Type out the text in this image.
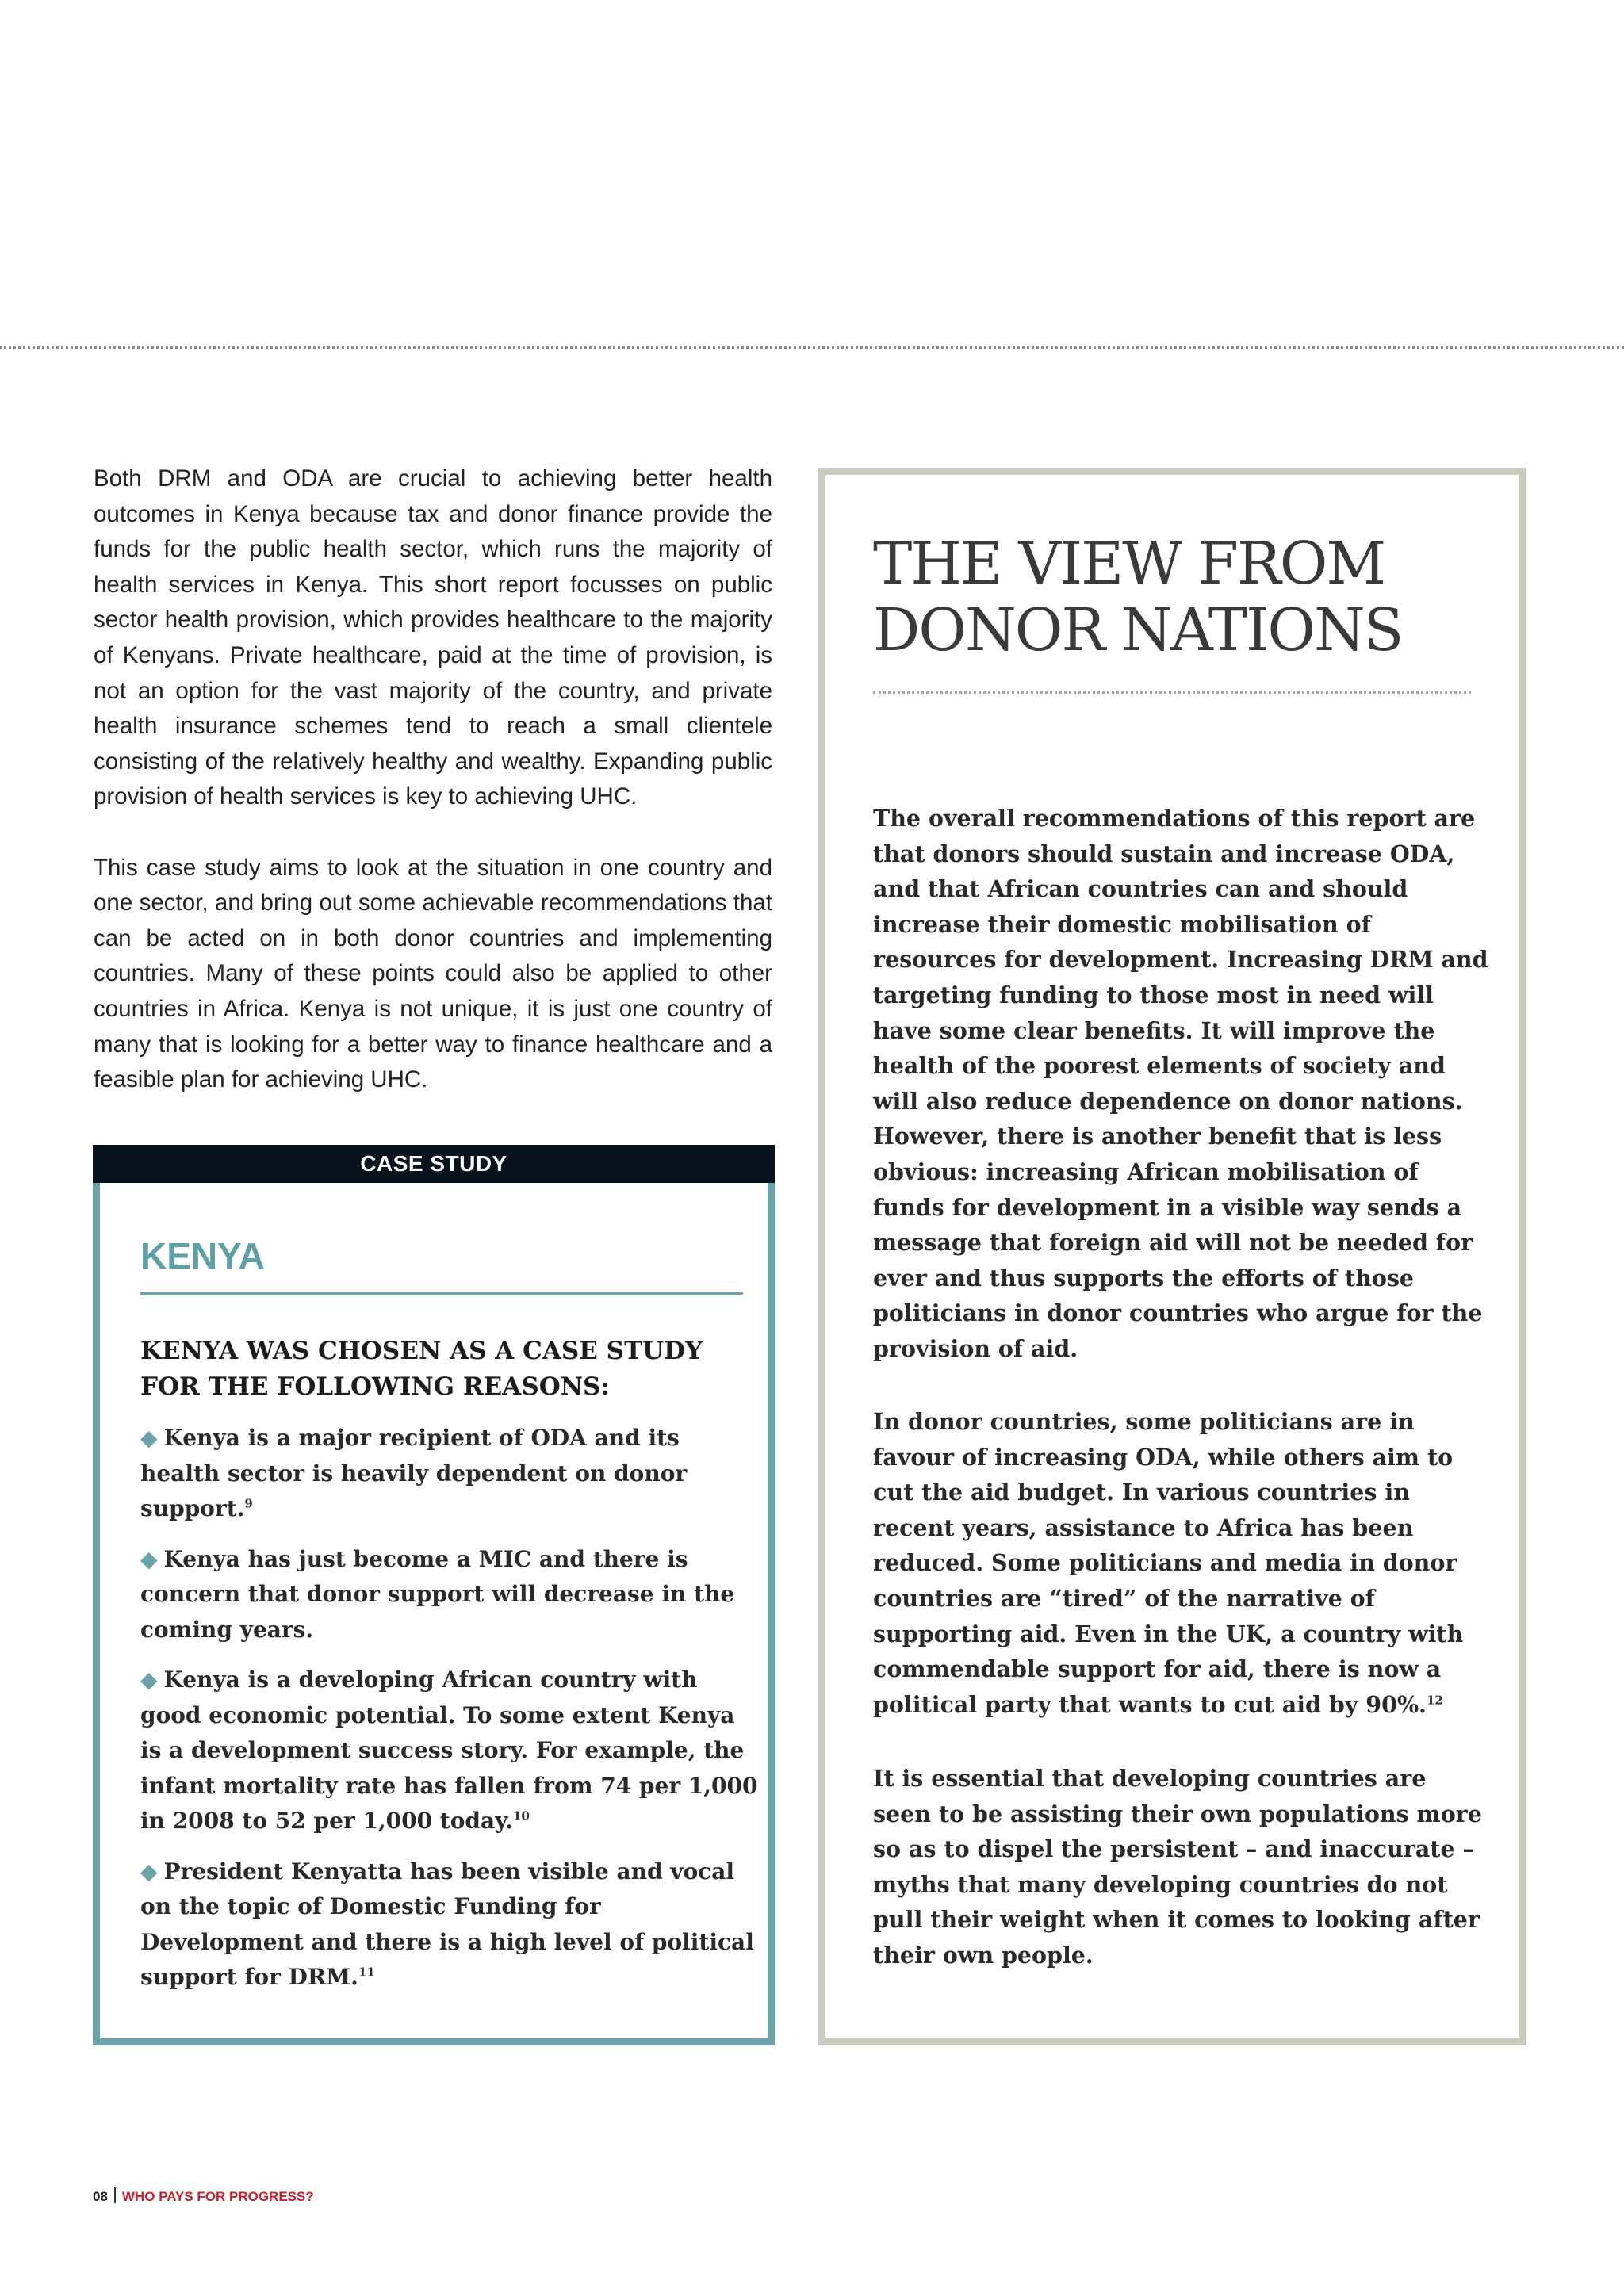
Both DRM and ODA are crucial to achieving better health outcomes in Kenya because tax and donor finance provide the funds for the public health sector, which runs the majority of health services in Kenya. This short report focusses on public sector health provision, which provides healthcare to the majority of Kenyans. Private healthcare, paid at the time of provision, is not an option for the vast majority of the country, and private health insurance schemes tend to reach a small clientele consisting of the relatively healthy and wealthy. Expanding public provision of health services is key to achieving UHC.

This case study aims to look at the situation in one country and one sector, and bring out some achievable recommendations that can be acted on in both donor countries and implementing countries. Many of these points could also be applied to other countries in Africa. Kenya is not unique, it is just one country of many that is looking for a better way to finance healthcare and a feasible plan for achieving UHC.

CASE STUDY
KENYA
KENYA WAS CHOSEN AS A CASE STUDY FOR THE FOLLOWING REASONS:
◆ Kenya is a major recipient of ODA and its health sector is heavily dependent on donor support.$^9$
◆ Kenya has just become a MIC and there is concern that donor support will decrease in the coming years.
◆ Kenya is a developing African country with good economic potential. To some extent Kenya is a development success story. For example, the infant mortality rate has fallen from 74 per 1,000 in 2008 to 52 per 1,000 today.$^{10}$
◆ President Kenyatta has been visible and vocal on the topic of Domestic Funding for Development and there is a high level of political support for DRM.$^{11}$
THE VIEW FROM
DONOR NATIONS

The overall recommendations of this report are that donors should sustain and increase ODA, and that African countries can and should increase their domestic mobilisation of resources for development. Increasing DRM and targeting funding to those most in need will have some clear benefits. It will improve the health of the poorest elements of society and will also reduce dependence on donor nations. However, there is another benefit that is less obvious: increasing African mobilisation of funds for development in a visible way sends a message that foreign aid will not be needed for ever and thus supports the efforts of those politicians in donor countries who argue for the provision of aid.

In donor countries, some politicians are in favour of increasing ODA, while others aim to cut the aid budget. In various countries in recent years, assistance to Africa has been reduced. Some politicians and media in donor countries are “tired” of the narrative of supporting aid. Even in the UK, a country with commendable support for aid, there is now a political party that wants to cut aid by 90%.$^{12}$

It is essential that developing countries are seen to be assisting their own populations more so as to dispel the persistent – and inaccurate – myths that many developing countries do not pull their weight when it comes to looking after their own people.

08 WHO PAYS FOR PROGRESS?
